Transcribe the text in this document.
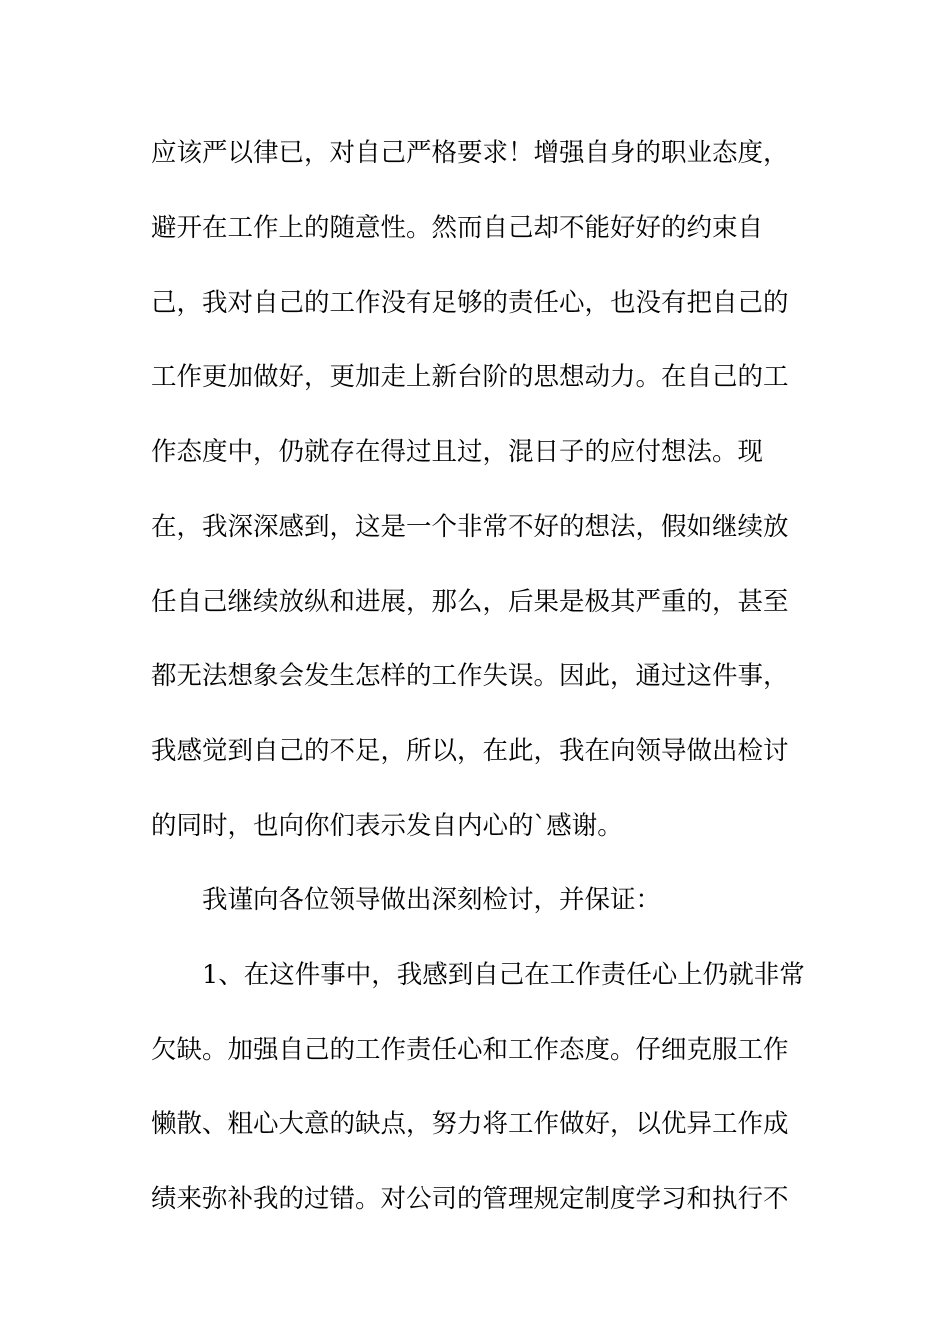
应该严以律已，对自己严格要求！增强自身的职业态度，
避开在工作上的随意性。然而自己却不能好好的约束自
己，我对自己的工作没有足够的责任心，也没有把自己的
工作更加做好，更加走上新台阶的思想动力。在自己的工
作态度中，仍就存在得过且过，混日子的应付想法。现
在，我深深感到，这是一个非常不好的想法，假如继续放
任自己继续放纵和进展，那么，后果是极其严重的，甚至
都无法想象会发生怎样的工作失误。因此，通过这件事，
我感觉到自己的不足，所以，在此，我在向领导做出检讨
的同时，也向你们表示发自内心的`感谢。
我谨向各位领导做出深刻检讨，并保证：
1、在这件事中，我感到自己在工作责任心上仍就非常
欠缺。加强自己的工作责任心和工作态度。仔细克服工作
懒散、粗心大意的缺点，努力将工作做好，以优异工作成
绩来弥补我的过错。对公司的管理规定制度学习和执行不
